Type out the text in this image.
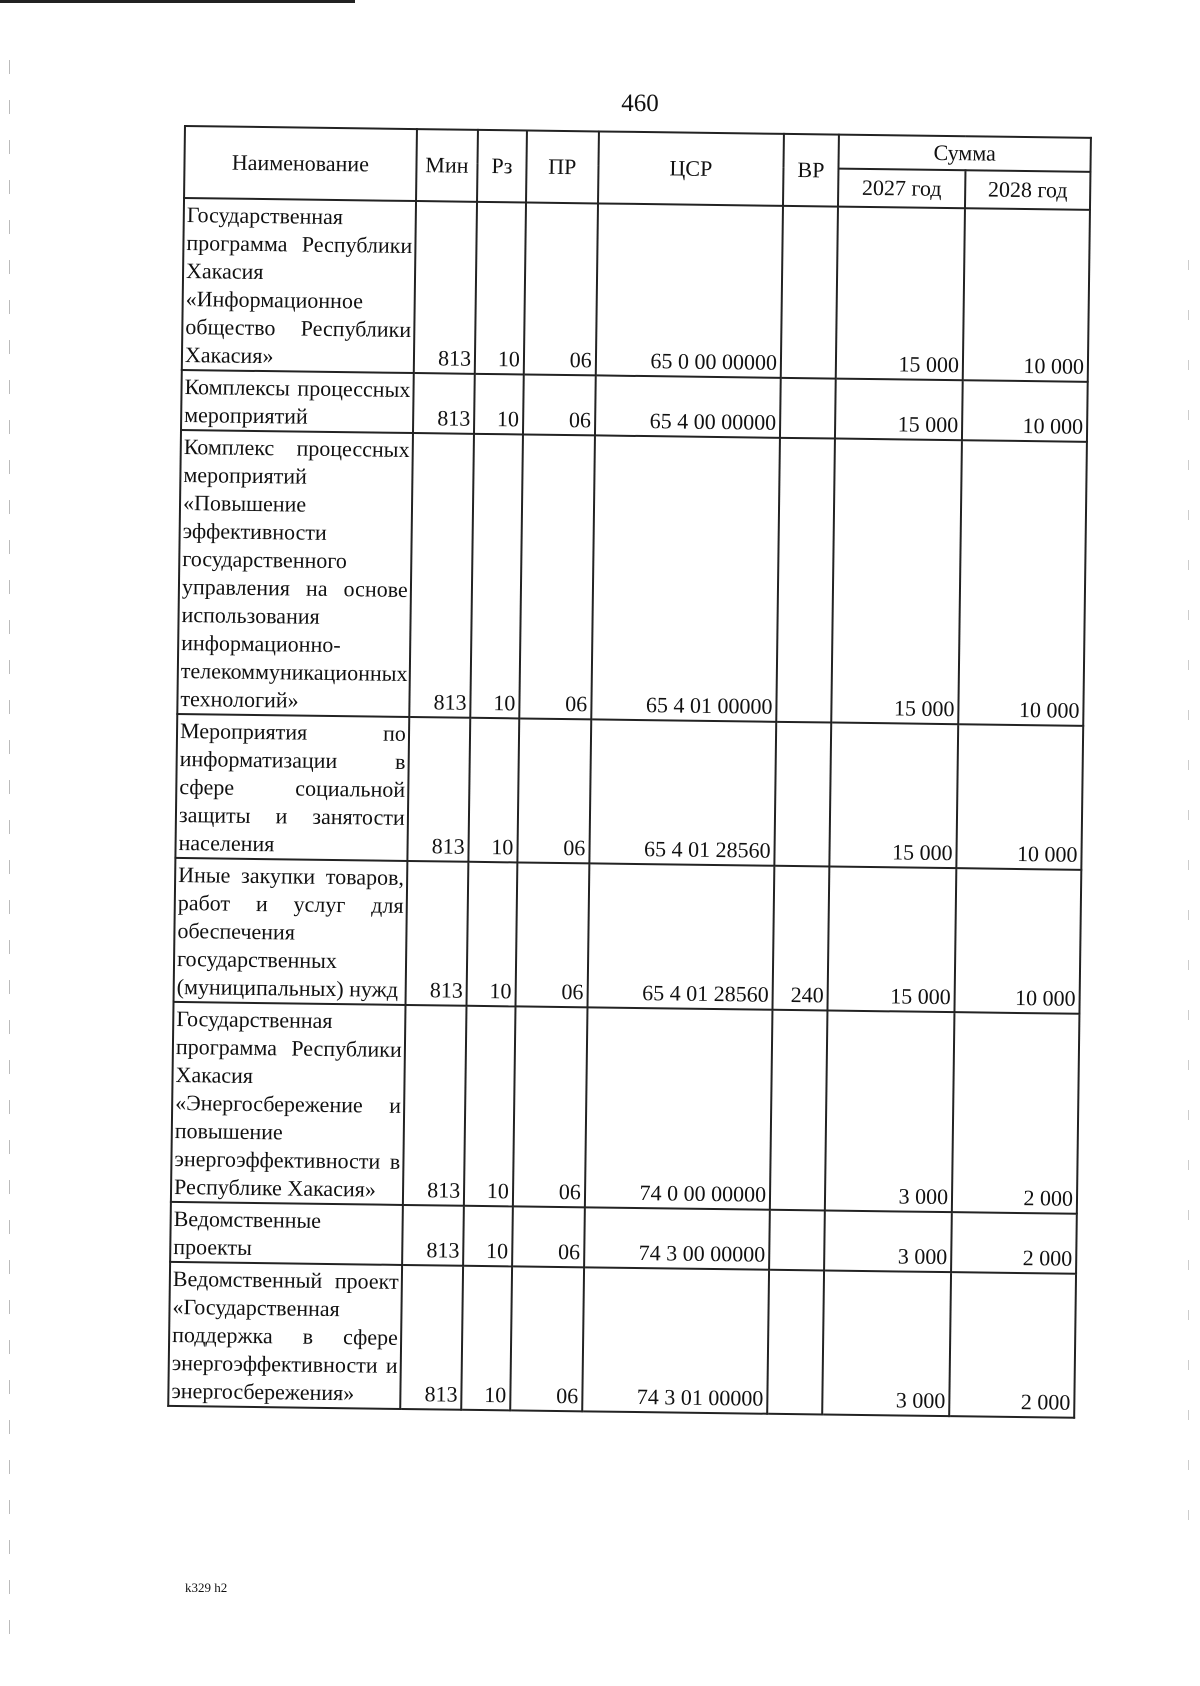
460
Наименование	Мин	Рз	ПР	ЦСР	ВР	Сумма	
						2027 год	2028 год
Государственная программа Республики Хакасия «Информационное общество Республики Хакасия»	813	10	06	65 0 00 00000		15 000	10 000
Комплексы процессных мероприятий	813	10	06	65 4 00 00000		15 000	10 000
Комплекс процессных мероприятий «Повышение эффективности государственного управления на основе использования информационно-телекоммуникационных технологий»	813	10	06	65 4 01 00000		15 000	10 000
Мероприятия по информатизации в сфере социальной защиты и занятости населения	813	10	06	65 4 01 28560		15 000	10 000
Иные закупки товаров, работ и услуг для обеспечения государственных (муниципальных) нужд	813	10	06	65 4 01 28560	240	15 000	10 000
Государственная программа Республики Хакасия «Энергосбережение и повышение энергоэффективности в Республике Хакасия»	813	10	06	74 0 00 00000		3 000	2 000
Ведомственные проекты	813	10	06	74 3 00 00000		3 000	2 000
Ведомственный проект «Государственная поддержка в сфере энергоэффективности и энергосбережения»	813	10	06	74 3 01 00000		3 000	2 000
k329 h2
